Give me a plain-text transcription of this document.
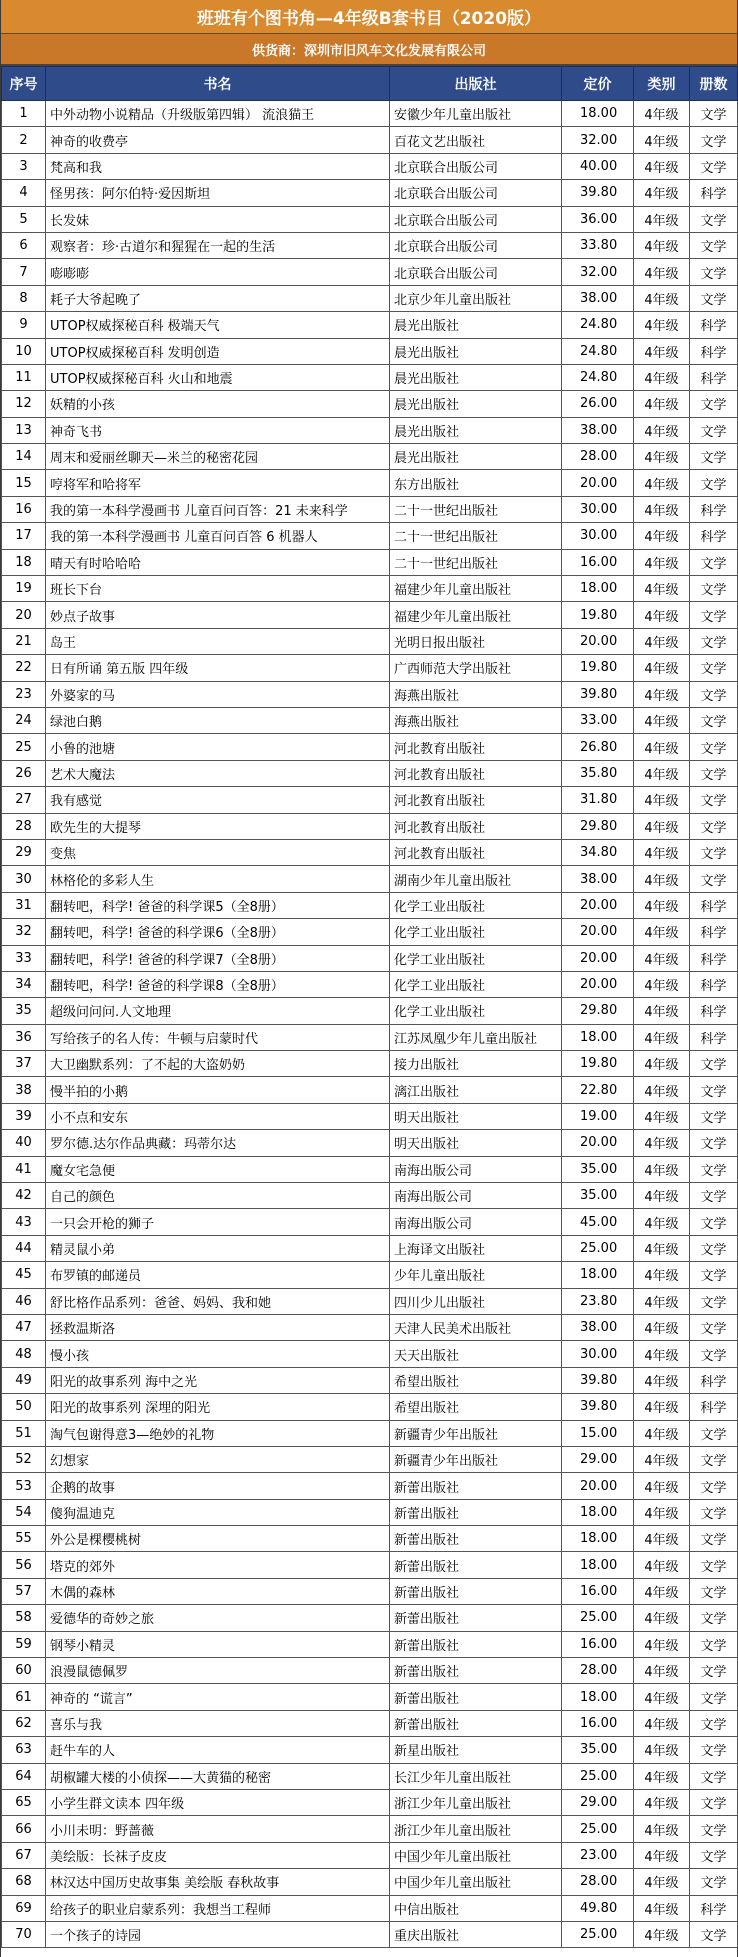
班班有个图书角—4年级B套书目（2020版）
供货商：深圳市旧风车文化发展有限公司
序号	书名	出版社	定价	类别	册数
1	中外动物小说精品（升级版第四辑） 流浪猫王	安徽少年儿童出版社	18.00	4年级	文学
2	神奇的收费亭	百花文艺出版社	32.00	4年级	文学
3	梵高和我	北京联合出版公司	40.00	4年级	文学
4	怪男孩：阿尔伯特·爱因斯坦	北京联合出版公司	39.80	4年级	科学
5	长发妹	北京联合出版公司	36.00	4年级	文学
6	观察者：珍·古道尔和猩猩在一起的生活	北京联合出版公司	33.80	4年级	文学
7	嘭嘭嘭	北京联合出版公司	32.00	4年级	文学
8	耗子大爷起晚了	北京少年儿童出版社	38.00	4年级	文学
9	UTOP权威探秘百科 极端天气	晨光出版社	24.80	4年级	科学
10	UTOP权威探秘百科 发明创造	晨光出版社	24.80	4年级	科学
11	UTOP权威探秘百科 火山和地震	晨光出版社	24.80	4年级	科学
12	妖精的小孩	晨光出版社	26.00	4年级	文学
13	神奇飞书	晨光出版社	38.00	4年级	文学
14	周末和爱丽丝聊天—米兰的秘密花园	晨光出版社	28.00	4年级	文学
15	哼将军和哈将军	东方出版社	20.00	4年级	文学
16	我的第一本科学漫画书 儿童百问百答：21 未来科学	二十一世纪出版社	30.00	4年级	科学
17	我的第一本科学漫画书 儿童百问百答 6 机器人	二十一世纪出版社	30.00	4年级	科学
18	晴天有时哈哈哈	二十一世纪出版社	16.00	4年级	文学
19	班长下台	福建少年儿童出版社	18.00	4年级	文学
20	妙点子故事	福建少年儿童出版社	19.80	4年级	文学
21	岛王	光明日报出版社	20.00	4年级	文学
22	日有所诵 第五版 四年级	广西师范大学出版社	19.80	4年级	文学
23	外婆家的马	海燕出版社	39.80	4年级	文学
24	绿池白鹅	海燕出版社	33.00	4年级	文学
25	小鲁的池塘	河北教育出版社	26.80	4年级	文学
26	艺术大魔法	河北教育出版社	35.80	4年级	文学
27	我有感觉	河北教育出版社	31.80	4年级	文学
28	欧先生的大提琴	河北教育出版社	29.80	4年级	文学
29	变焦	河北教育出版社	34.80	4年级	文学
30	林格伦的多彩人生	湖南少年儿童出版社	38.00	4年级	文学
31	翻转吧，科学! 爸爸的科学课5（全8册）	化学工业出版社	20.00	4年级	科学
32	翻转吧，科学! 爸爸的科学课6（全8册）	化学工业出版社	20.00	4年级	科学
33	翻转吧，科学! 爸爸的科学课7（全8册）	化学工业出版社	20.00	4年级	科学
34	翻转吧，科学! 爸爸的科学课8（全8册）	化学工业出版社	20.00	4年级	科学
35	超级问问问.人文地理	化学工业出版社	29.80	4年级	科学
36	写给孩子的名人传：牛顿与启蒙时代	江苏凤凰少年儿童出版社	18.00	4年级	科学
37	大卫幽默系列：了不起的大盗奶奶	接力出版社	19.80	4年级	文学
38	慢半拍的小鹅	漓江出版社	22.80	4年级	文学
39	小不点和安东	明天出版社	19.00	4年级	文学
40	罗尔德.达尔作品典藏：玛蒂尔达	明天出版社	20.00	4年级	文学
41	魔女宅急便	南海出版公司	35.00	4年级	文学
42	自己的颜色	南海出版公司	35.00	4年级	文学
43	一只会开枪的狮子	南海出版公司	45.00	4年级	文学
44	精灵鼠小弟	上海译文出版社	25.00	4年级	文学
45	布罗镇的邮递员	少年儿童出版社	18.00	4年级	文学
46	舒比格作品系列：爸爸、妈妈、我和她	四川少儿出版社	23.80	4年级	文学
47	拯救温斯洛	天津人民美术出版社	38.00	4年级	文学
48	慢小孩	天天出版社	30.00	4年级	文学
49	阳光的故事系列 海中之光	希望出版社	39.80	4年级	科学
50	阳光的故事系列 深埋的阳光	希望出版社	39.80	4年级	科学
51	淘气包谢得意3—绝妙的礼物	新疆青少年出版社	15.00	4年级	文学
52	幻想家	新疆青少年出版社	29.00	4年级	文学
53	企鹅的故事	新蕾出版社	20.00	4年级	文学
54	傻狗温迪克	新蕾出版社	18.00	4年级	文学
55	外公是棵樱桃树	新蕾出版社	18.00	4年级	文学
56	塔克的郊外	新蕾出版社	18.00	4年级	文学
57	木偶的森林	新蕾出版社	16.00	4年级	文学
58	爱德华的奇妙之旅	新蕾出版社	25.00	4年级	文学
59	钢琴小精灵	新蕾出版社	16.00	4年级	文学
60	浪漫鼠德佩罗	新蕾出版社	28.00	4年级	文学
61	神奇的 “谎言”	新蕾出版社	18.00	4年级	文学
62	喜乐与我	新蕾出版社	16.00	4年级	文学
63	赶牛车的人	新星出版社	35.00	4年级	文学
64	胡椒罐大楼的小侦探——大黄猫的秘密	长江少年儿童出版社	25.00	4年级	文学
65	小学生群文读本 四年级	浙江少年儿童出版社	29.00	4年级	文学
66	小川未明：野蔷薇	浙江少年儿童出版社	25.00	4年级	文学
67	美绘版：长袜子皮皮	中国少年儿童出版社	23.00	4年级	文学
68	林汉达中国历史故事集 美绘版 春秋故事	中国少年儿童出版社	28.00	4年级	文学
69	给孩子的职业启蒙系列：我想当工程师	中信出版社	49.80	4年级	科学
70	一个孩子的诗园	重庆出版社	25.00	4年级	文学
